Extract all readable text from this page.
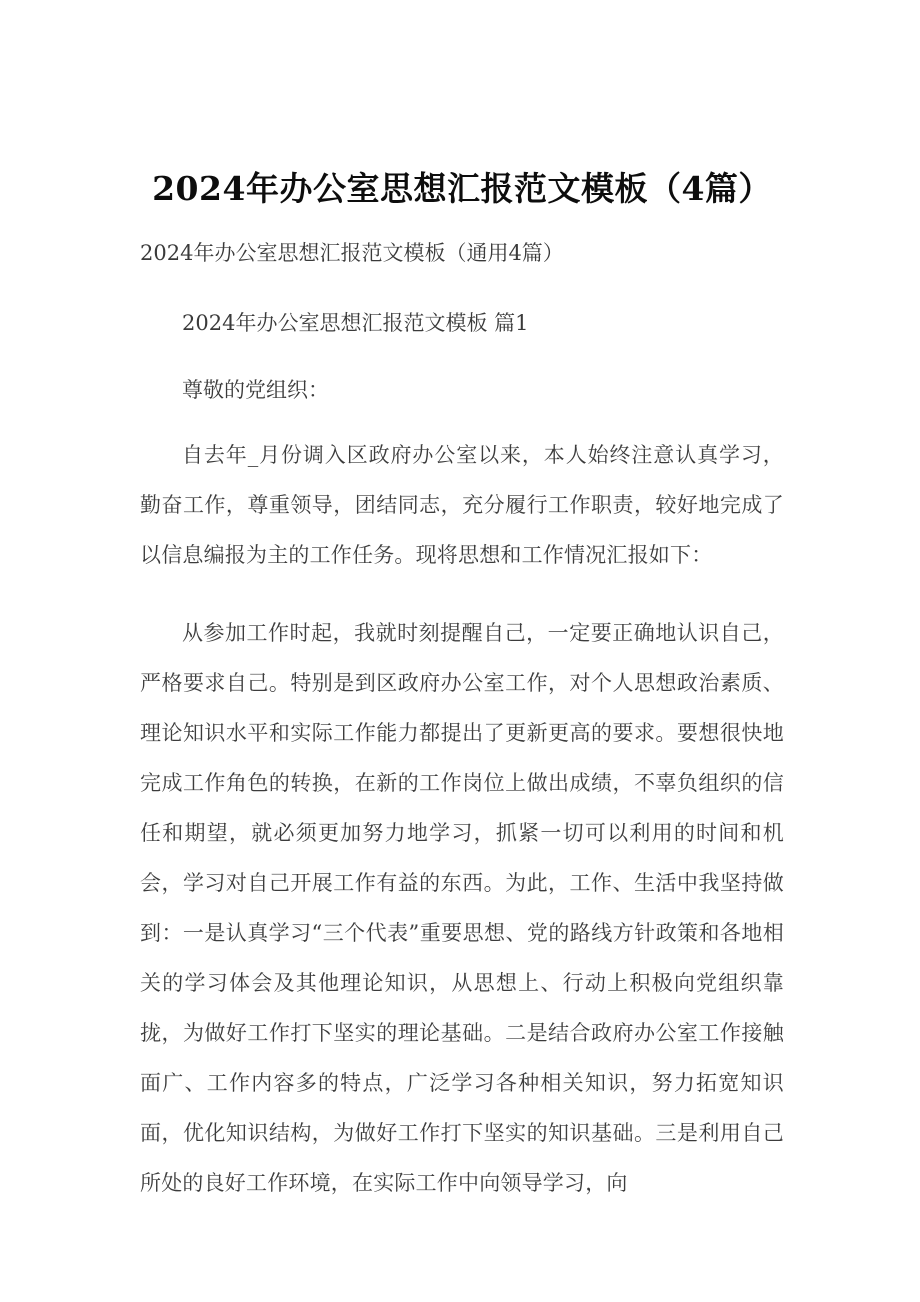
2024年办公室思想汇报范文模板（4篇）

2024年办公室思想汇报范文模板（通用4篇）

2024年办公室思想汇报范文模板 篇1

尊敬的党组织：

自去年_月份调入区政府办公室以来，本人始终注意认真学习，勤奋工作，尊重领导，团结同志，充分履行工作职责，较好地完成了以信息编报为主的工作任务。现将思想和工作情况汇报如下：

从参加工作时起，我就时刻提醒自己，一定要正确地认识自己，严格要求自己。特别是到区政府办公室工作，对个人思想政治素质、理论知识水平和实际工作能力都提出了更新更高的要求。要想很快地完成工作角色的转换，在新的工作岗位上做出成绩，不辜负组织的信任和期望，就必须更加努力地学习，抓紧一切可以利用的时间和机会，学习对自己开展工作有益的东西。为此，工作、生活中我坚持做到：一是认真学习“三个代表”重要思想、党的路线方针政策和各地相关的学习体会及其他理论知识，从思想上、行动上积极向党组织靠拢，为做好工作打下坚实的理论基础。二是结合政府办公室工作接触面广、工作内容多的特点，广泛学习各种相关知识，努力拓宽知识面，优化知识结构，为做好工作打下坚实的知识基础。三是利用自己所处的良好工作环境，在实际工作中向领导学习，向
